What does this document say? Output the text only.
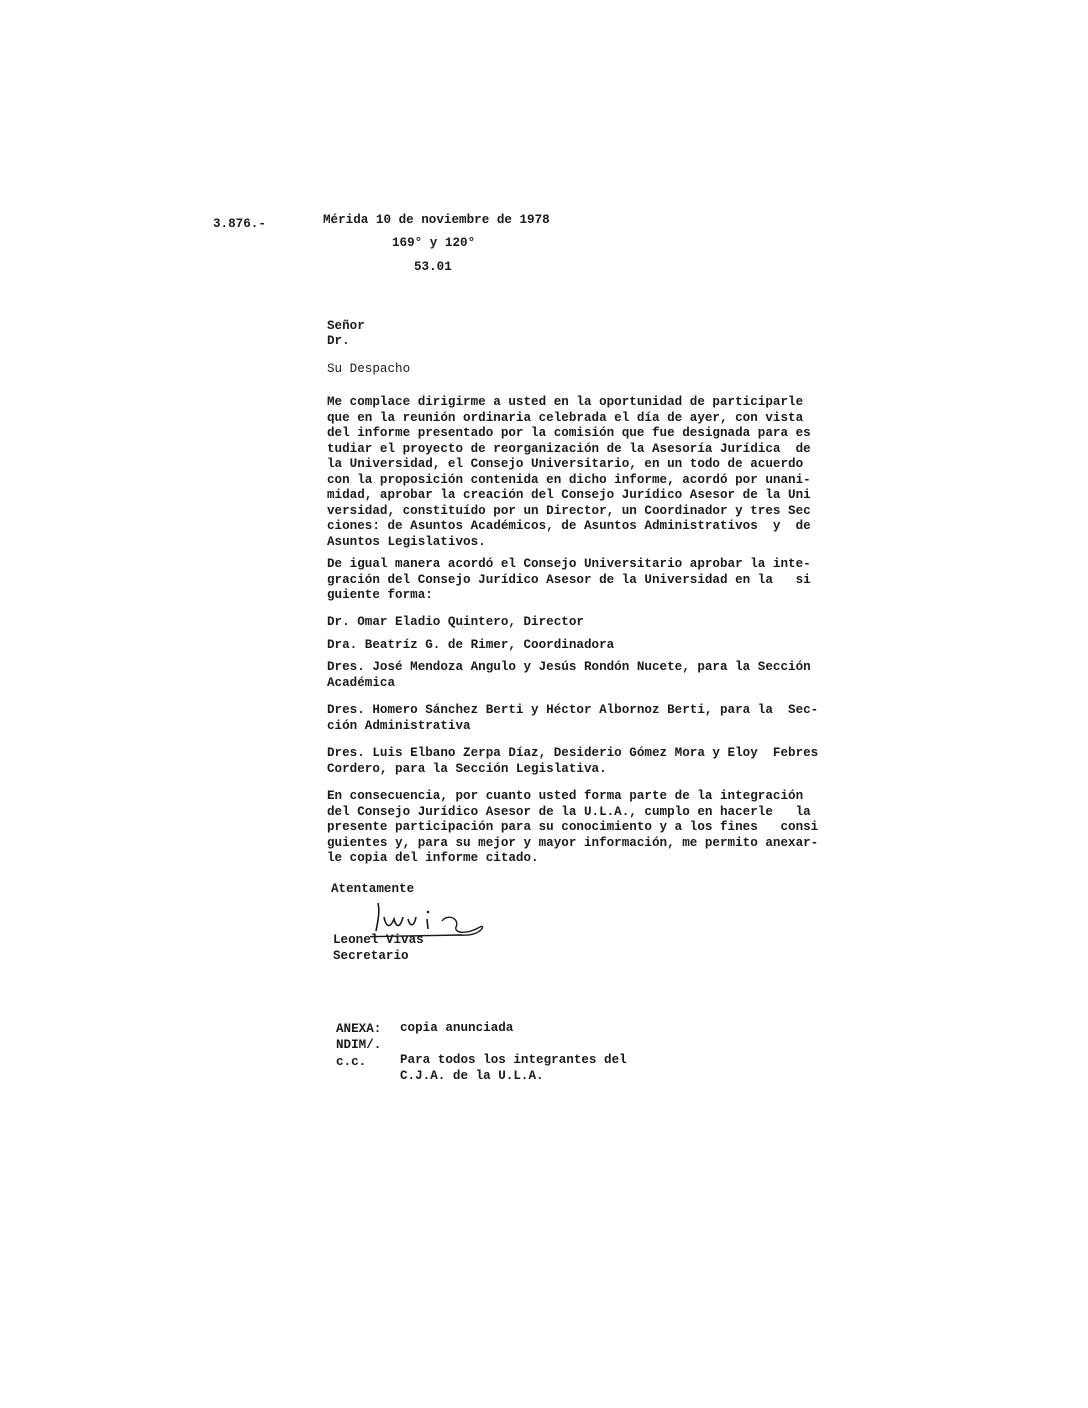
3.876.-	Mérida 10 de noviembre de 1978
169° y 120°
53.01
Señor
Dr.
Su Despacho
Me complace dirigirme a usted en la oportunidad de participarle
que en la reunión ordinaria celebrada el día de ayer, con vista
del informe presentado por la comisión que fue designada para es
tudiar el proyecto de reorganización de la Asesoría Jurídica  de
la Universidad, el Consejo Universitario, en un todo de acuerdo
con la proposición contenida en dicho informe, acordó por unani-
midad, aprobar la creación del Consejo Jurídico Asesor de la Uni
versidad, constituído por un Director, un Coordinador y tres Sec
ciones: de Asuntos Académicos, de Asuntos Administrativos  y  de
Asuntos Legislativos.
De igual manera acordó el Consejo Universitario aprobar la inte-
gración del Consejo Jurídico Asesor de la Universidad en la   si
guiente forma:
Dr. Omar Eladio Quintero, Director
Dra. Beatríz G. de Rimer, Coordinadora
Dres. José Mendoza Angulo y Jesús Rondón Nucete, para la Sección
Académica
Dres. Homero Sánchez Berti y Héctor Albornoz Berti, para la  Sec-
ción Administrativa
Dres. Luis Elbano Zerpa Díaz, Desiderio Gómez Mora y Eloy  Febres
Cordero, para la Sección Legislativa.
En consecuencia, por cuanto usted forma parte de la integración
del Consejo Jurídico Asesor de la U.L.A., cumplo en hacerle   la
presente participación para su conocimiento y a los fines   consi
guientes y, para su mejor y mayor información, me permito anexar-
le copia del informe citado.
Atentamente
Leonel Vivas
Secretario
ANEXA: copia anunciada
NDIM/.
c.c.	Para todos los integrantes del
C.J.A. de la U.L.A.
